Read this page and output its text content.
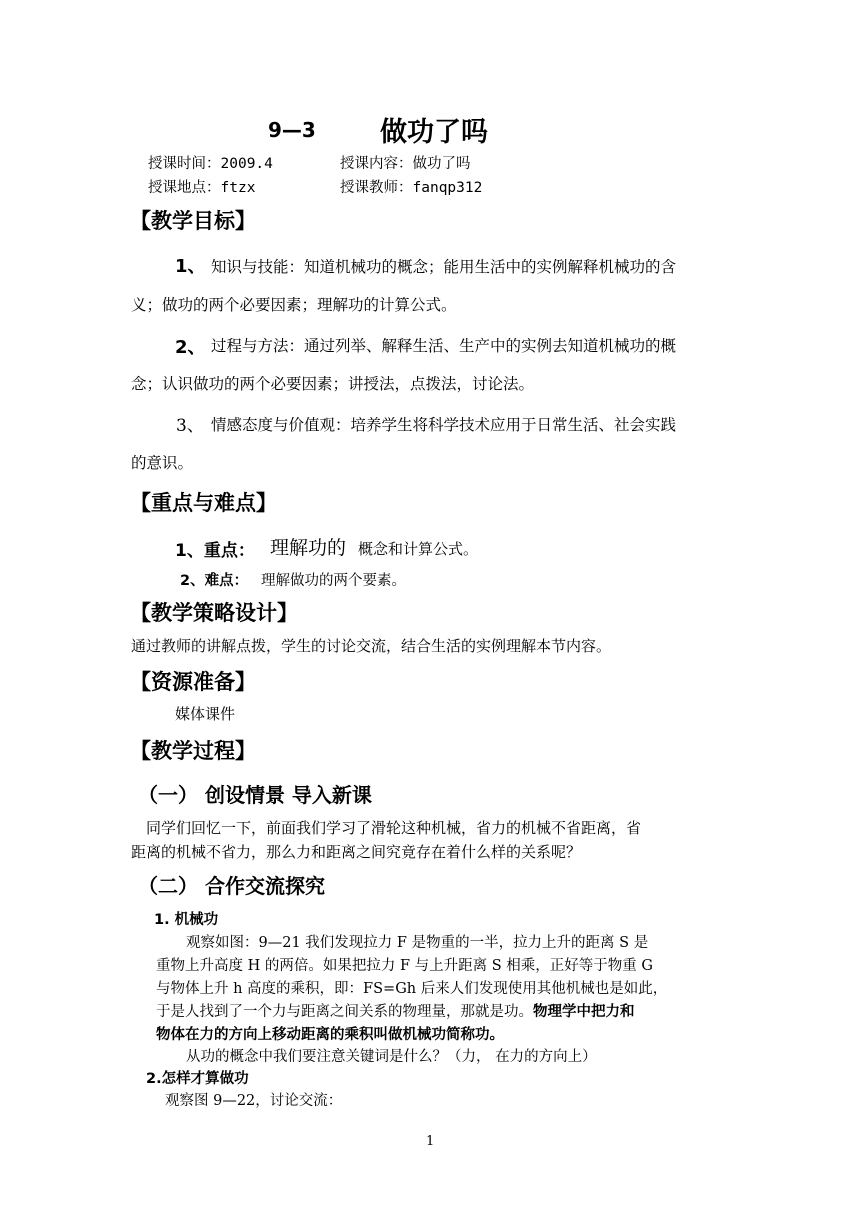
9—3 做功了吗
授课时间：2009.4	授课内容：做功了吗
授课地点：ftzx	授课教师：fanqp312
【教学目标】
1、 知识与技能：知道机械功的概念；能用生活中的实例解释机械功的含
义；做功的两个必要因素；理解功的计算公式。
2、 过程与方法：通过列举、解释生活、生产中的实例去知道机械功的概
念；认识做功的两个必要因素；讲授法，点拨法，讨论法。
3、 情感态度与价值观：培养学生将科学技术应用于日常生活、社会实践
的意识。
【重点与难点】
1、重点： 理解功的 概念和计算公式。
2、难点： 理解做功的两个要素。
【教学策略设计】
通过教师的讲解点拨，学生的讨论交流，结合生活的实例理解本节内容。
【资源准备】
媒体课件
【教学过程】
（一） 创设情景 导入新课
同学们回忆一下，前面我们学习了滑轮这种机械，省力的机械不省距离，省
距离的机械不省力，那么力和距离之间究竟存在着什么样的关系呢？
（二） 合作交流探究
1. 机械功
观察如图：9—21 我们发现拉力 F 是物重的一半，拉力上升的距离 S 是
重物上升高度 H 的两倍。如果把拉力 F 与上升距离 S 相乘，正好等于物重 G
与物体上升 h 高度的乘积，即：FS=Gh 后来人们发现使用其他机械也是如此，
于是人找到了一个力与距离之间关系的物理量，那就是功。物理学中把力和
物体在力的方向上移动距离的乘积叫做机械功简称功。
从功的概念中我们要注意关键词是什么？（力， 在力的方向上）
2.怎样才算做功
观察图 9—22，讨论交流：
1
